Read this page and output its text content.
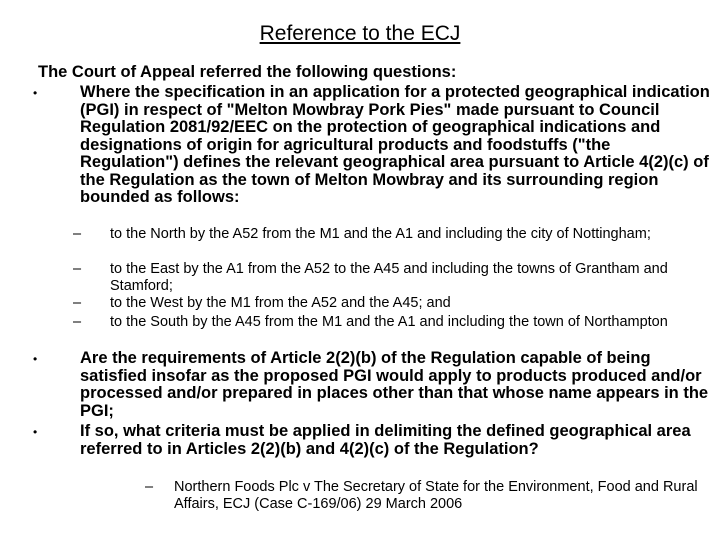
Reference to the ECJ
The Court of Appeal referred the following questions:
•	Where the specification in an application for a protected geographical indication (PGI) in respect of "Melton Mowbray Pork Pies" made pursuant to Council Regulation 2081/92/EEC on the protection of geographical indications and designations of origin for agricultural products and foodstuffs ("the Regulation") defines the relevant geographical area pursuant to Article 4(2)(c) of the Regulation as the town of Melton Mowbray and its surrounding region bounded as follows:
– to the North by the A52 from the M1 and the A1 and including the city of Nottingham;
– to the East by the A1 from the A52 to the A45 and including the towns of Grantham and Stamford;
– to the West by the M1 from the A52 and the A45; and
– to the South by the A45 from the M1 and the A1 and including the town of Northampton
•	Are the requirements of Article 2(2)(b) of the Regulation capable of being satisfied insofar as the proposed PGI would apply to products produced and/or processed and/or prepared in places other than that whose name appears in the PGI;
•	If so, what criteria must be applied in delimiting the defined geographical area referred to in Articles 2(2)(b) and 4(2)(c) of the Regulation?
– Northern Foods Plc v The Secretary of State for the Environment, Food and Rural Affairs, ECJ (Case C-169/06) 29 March 2006
